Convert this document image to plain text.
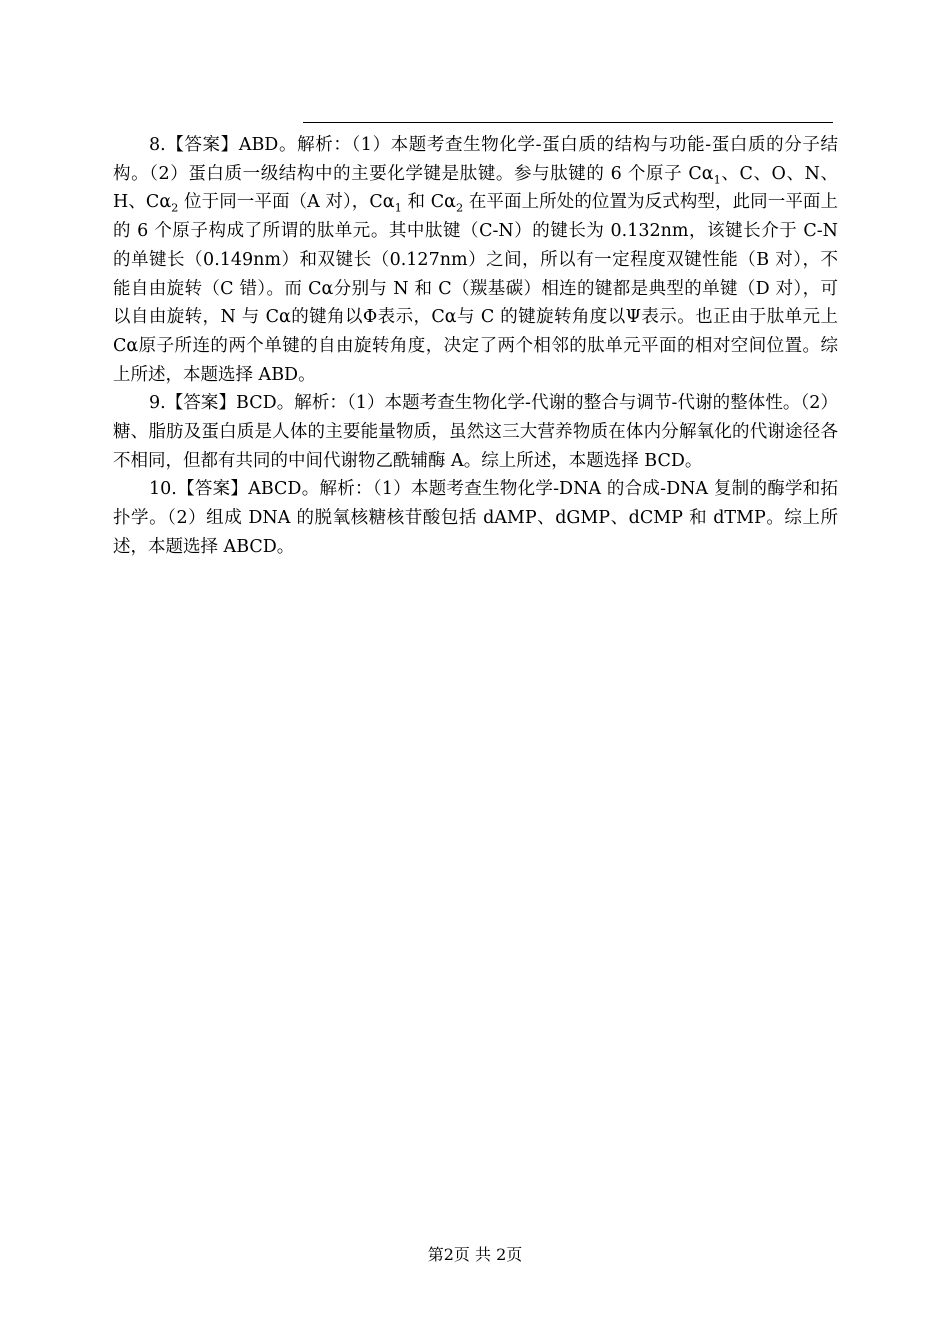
8.【答案】ABD。解析：（1）本题考查生物化学-蛋白质的结构与功能-蛋白质的分子结构。（2）蛋白质一级结构中的主要化学键是肽键。参与肽键的 6 个原子 $C\alpha_1$、C、O、N、H、$C\alpha_2$ 位于同一平面（A 对），$C\alpha_1$ 和 $C\alpha_2$ 在平面上所处的位置为反式构型，此同一平面上的 6 个原子构成了所谓的肽单元。其中肽键（C-N）的键长为 0.132nm，该键长介于 C-N 的单键长（0.149nm）和双键长（0.127nm）之间，所以有一定程度双键性能（B 对），不能自由旋转（C 错）。而 Cα分别与 N 和 C（羰基碳）相连的键都是典型的单键（D 对），可以自由旋转，N 与 Cα的键角以Φ表示，Cα与 C 的键旋转角度以Ψ表示。也正由于肽单元上 Cα原子所连的两个单键的自由旋转角度，决定了两个相邻的肽单元平面的相对空间位置。综上所述，本题选择 ABD。

9.【答案】BCD。解析：（1）本题考查生物化学-代谢的整合与调节-代谢的整体性。（2）糖、脂肪及蛋白质是人体的主要能量物质，虽然这三大营养物质在体内分解氧化的代谢途径各不相同，但都有共同的中间代谢物乙酰辅酶 A。综上所述，本题选择 BCD。

10.【答案】ABCD。解析：（1）本题考查生物化学-DNA 的合成-DNA 复制的酶学和拓扑学。（2）组成 DNA 的脱氧核糖核苷酸包括 dAMP、dGMP、dCMP 和 dTMP。综上所述，本题选择 ABCD。

第2页 共 2页
